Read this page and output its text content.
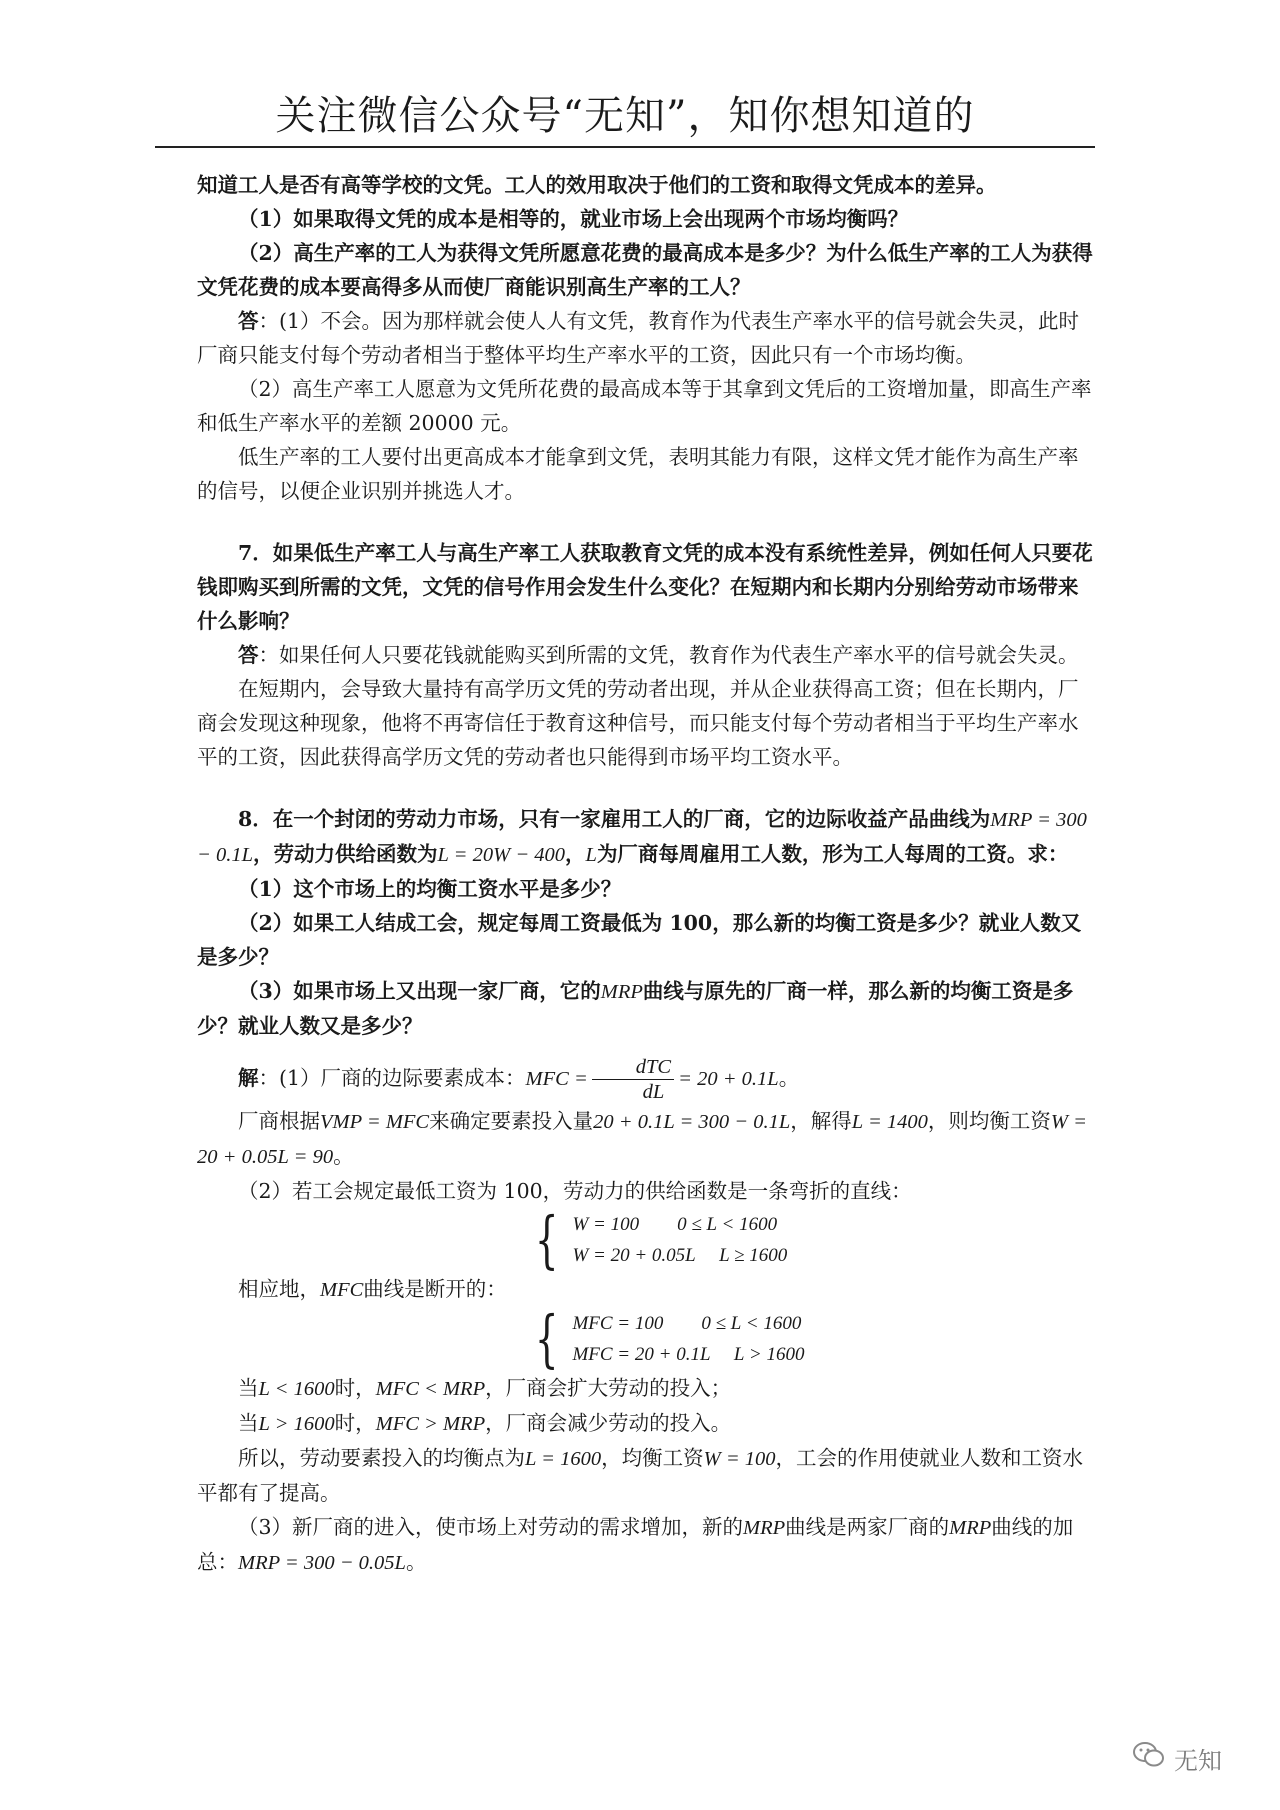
关注微信公众号“无知”，知你想知道的

知道工人是否有高等学校的文凭。工人的效用取决于他们的工资和取得文凭成本的差异。

（1）如果取得文凭的成本是相等的，就业市场上会出现两个市场均衡吗？

（2）高生产率的工人为获得文凭所愿意花费的最高成本是多少？为什么低生产率的工人为获得文凭花费的成本要高得多从而使厂商能识别高生产率的工人？

答：(1）不会。因为那样就会使人人有文凭，教育作为代表生产率水平的信号就会失灵，此时厂商只能支付每个劳动者相当于整体平均生产率水平的工资，因此只有一个市场均衡。

（2）高生产率工人愿意为文凭所花费的最高成本等于其拿到文凭后的工资增加量，即高生产率和低生产率水平的差额 20000 元。

低生产率的工人要付出更高成本才能拿到文凭，表明其能力有限，这样文凭才能作为高生产率的信号，以便企业识别并挑选人才。

7．如果低生产率工人与高生产率工人获取教育文凭的成本没有系统性差异，例如任何人只要花钱即购买到所需的文凭，文凭的信号作用会发生什么变化？在短期内和长期内分别给劳动市场带来什么影响？

答：如果任何人只要花钱就能购买到所需的文凭，教育作为代表生产率水平的信号就会失灵。

在短期内，会导致大量持有高学历文凭的劳动者出现，并从企业获得高工资；但在长期内，厂商会发现这种现象，他将不再寄信任于教育这种信号，而只能支付每个劳动者相当于平均生产率水平的工资，因此获得高学历文凭的劳动者也只能得到市场平均工资水平。

8．在一个封闭的劳动力市场，只有一家雇用工人的厂商，它的边际收益产品曲线为MRP = 300 − 0.1L，劳动力供给函数为L = 20W − 400，L为厂商每周雇用工人数，形为工人每周的工资。求：

（1）这个市场上的均衡工资水平是多少？

（2）如果工人结成工会，规定每周工资最低为 100，那么新的均衡工资是多少？就业人数又是多少？

（3）如果市场上又出现一家厂商，它的MRP曲线与原先的厂商一样，那么新的均衡工资是多少？就业人数又是多少？

解：(1）厂商的边际要素成本：MFC = $\frac{\text{dTC}}{dL} = 20 + 0.1L$。

厂商根据VMP = MFC来确定要素投入量20 + 0.1L = 300 − 0.1L，解得L = 1400，则均衡工资W = 20 + 0.05L = 90。

（2）若工会规定最低工资为 100，劳动力的供给函数是一条弯折的直线：

{ W = 100        0 ≤ L < 1600
W = 20 + 0.05L     L ≥ 1600

相应地，MFC曲线是断开的：

{ MFC = 100        0 ≤ L < 1600
MFC = 20 + 0.1L     L > 1600

当L < 1600时，MFC < MRP，厂商会扩大劳动的投入；

当L > 1600时，MFC > MRP，厂商会减少劳动的投入。

所以，劳动要素投入的均衡点为L = 1600，均衡工资W = 100，工会的作用使就业人数和工资水平都有了提高。

（3）新厂商的进入，使市场上对劳动的需求增加，新的MRP曲线是两家厂商的MRP曲线的加总：MRP = 300 − 0.05L。

无知
